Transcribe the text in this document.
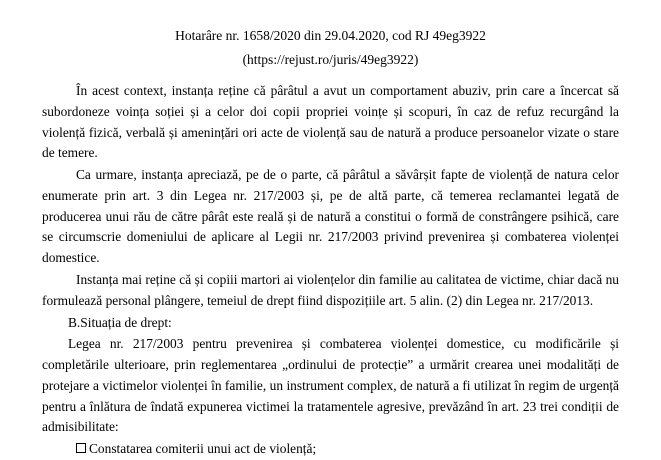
Hotarâre nr. 1658/2020 din 29.04.2020, cod RJ 49eg3922
(https://rejust.ro/juris/49eg3922)

În acest context, instanța reține că pârâtul a avut un comportament abuziv, prin care a încercat să subordoneze voința soției și a celor doi copii propriei voințe și scopuri, în caz de refuz recurgând la violență fizică, verbală și amenințări ori acte de violență sau de natură a produce persoanelor vizate o stare de temere.

Ca urmare, instanța apreciază, pe de o parte, că pârâtul a săvârșit fapte de violență de natura celor enumerate prin art. 3 din Legea nr. 217/2003 și, pe de altă parte, că temerea reclamantei legată de producerea unui rău de către pârât este reală și de natură a constitui o formă de constrângere psihică, care se circumscrie domeniului de aplicare al Legii nr. 217/2003 privind prevenirea și combaterea violenței domestice.

Instanța mai reține că și copiii martori ai violențelor din familie au calitatea de victime, chiar dacă nu formulează personal plângere, temeiul de drept fiind dispozițiile art. 5 alin. (2) din Legea nr. 217/2013.

B.Situația de drept:

Legea nr. 217/2003 pentru prevenirea și combaterea violenței domestice, cu modificările și completările ulterioare, prin reglementarea „ordinului de protecție” a urmărit crearea unei modalități de protejare a victimelor violenței în familie, un instrument complex, de natură a fi utilizat în regim de urgență pentru a înlătura de îndată expunerea victimei la tratamentele agresive, prevăzând în art. 23 trei condiții de admisibilitate:

Constatarea comiterii unui act de violență;
